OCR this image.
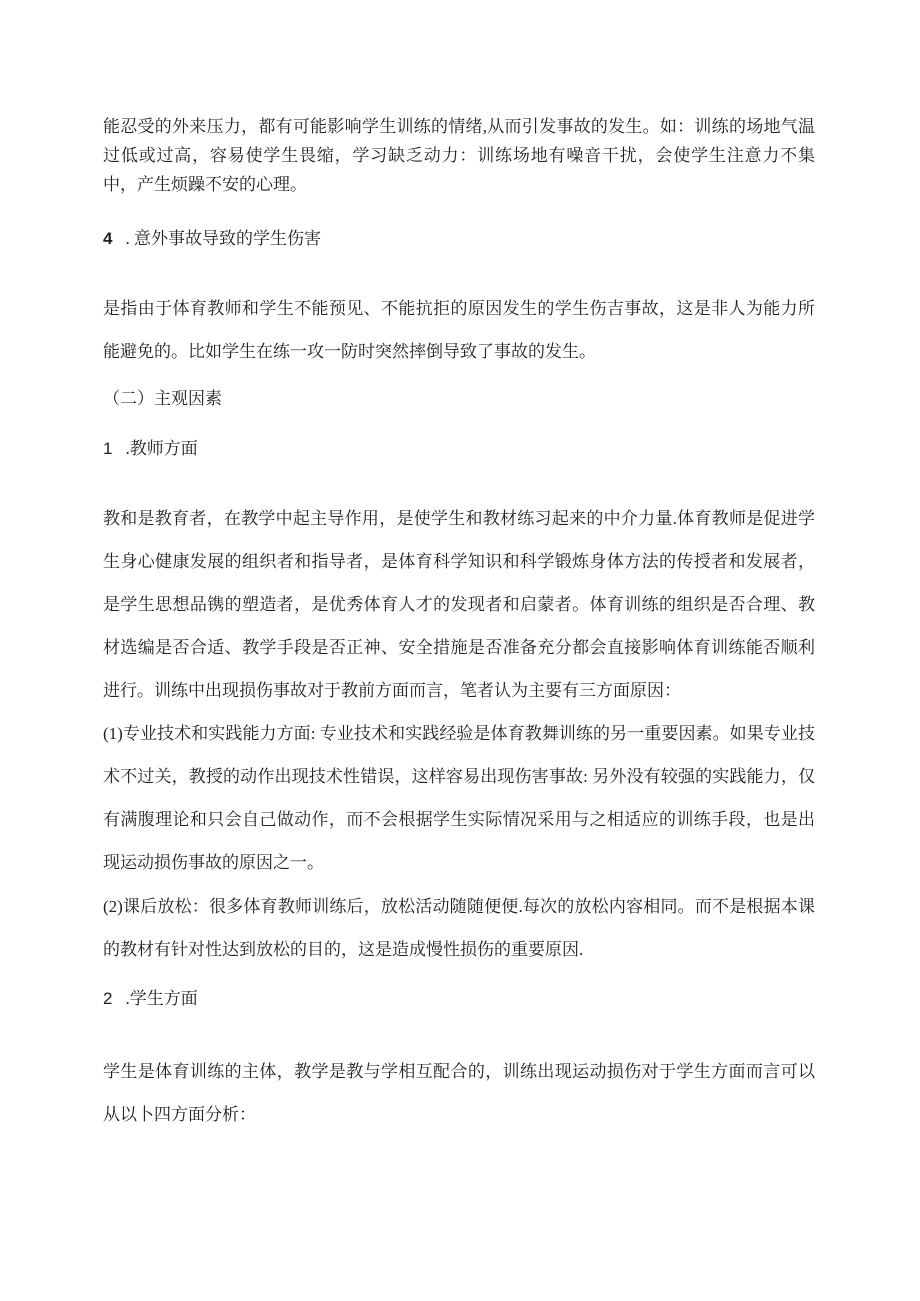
能忍受的外来压力，都有可能影响学生训练的情绪,从而引发事故的发生。如：训练的场地气温过低或过高，容易使学生畏缩，学习缺乏动力：训练场地有噪音干扰，会使学生注意力不集中，产生烦躁不安的心理。

4 . 意外事故导致的学生伤害

是指由于体育教师和学生不能预见、不能抗拒的原因发生的学生伤吉事故，这是非人为能力所能避免的。比如学生在练一攻一防时突然摔倒导致了事故的发生。

（二）主观因素

1 .教师方面

教和是教育者，在教学中起主导作用，是使学生和教材练习起来的中介力量.体育教师是促进学生身心健康发展的组织者和指导者，是体育科学知识和科学锻炼身体方法的传授者和发展者，是学生思想品镌的塑造者，是优秀体育人才的发现者和启蒙者。体育训练的组织是否合理、教材选编是否合适、教学手段是否正神、安全措施是否准备充分都会直接影响体育训练能否顺利进行。训练中出现损伤事故对于教前方面而言，笔者认为主要有三方面原因：

(1)专业技术和实践能力方面: 专业技术和实践经验是体育教舞训练的另一重要因素。如果专业技术不过关，教授的动作出现技术性错误，这样容易出现伤害事故: 另外没有较强的实践能力，仅有满腹理论和只会自己做动作，而不会根据学生实际情况采用与之相适应的训练手段，也是出现运动损伤事故的原因之一。

(2)课后放松：很多体育教师训练后，放松活动随随便便.每次的放松内容相同。而不是根据本课的教材有针对性达到放松的目的，这是造成慢性损伤的重要原因.

2 .学生方面

学生是体育训练的主体，教学是教与学相互配合的，训练出现运动损伤对于学生方面而言可以从以卜四方面分析：
